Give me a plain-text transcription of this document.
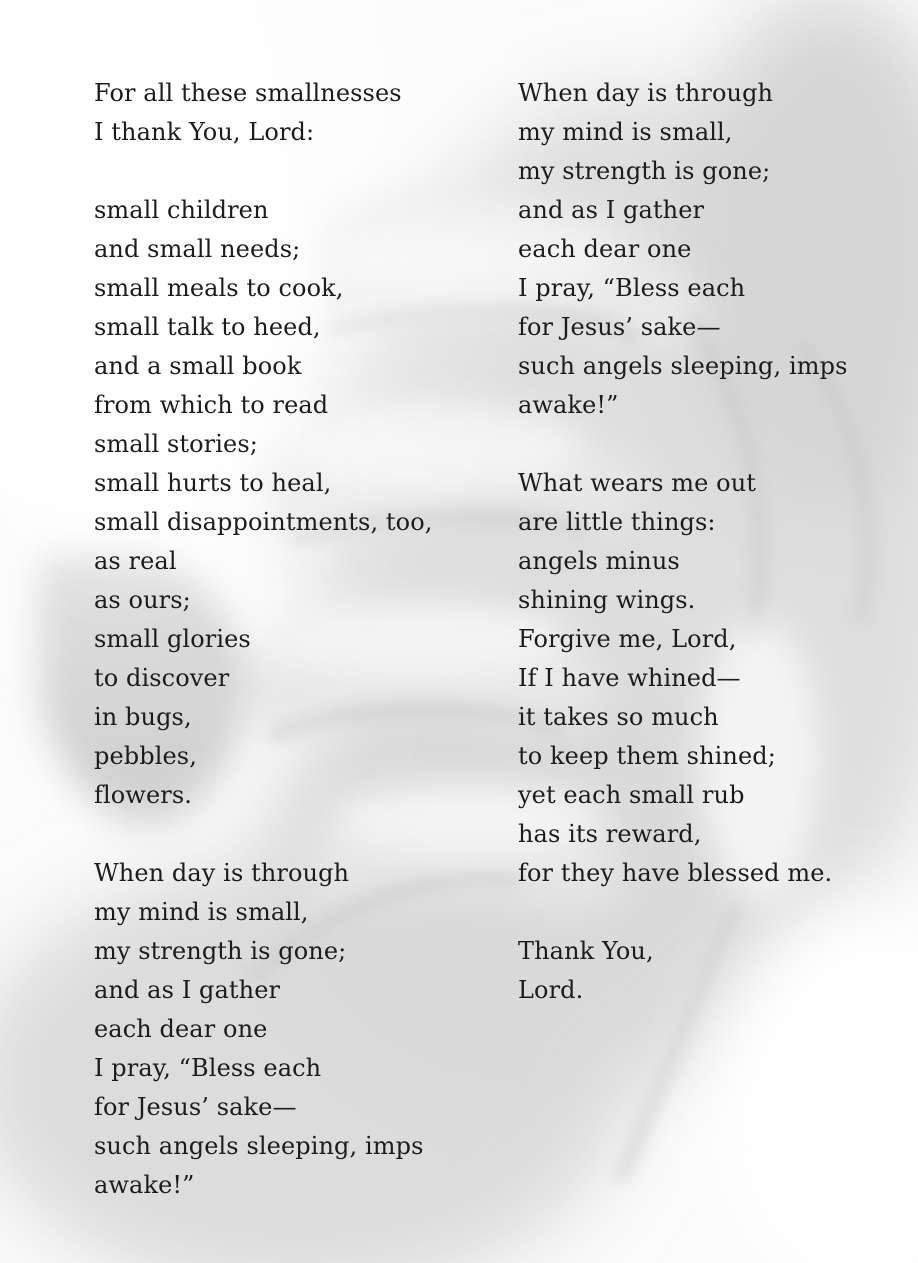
For all these smallnesses
I thank You, Lord:
small children
and small needs;
small meals to cook,
small talk to heed,
and a small book
from which to read
small stories;
small hurts to heal,
small disappointments, too,
as real
as ours;
small glories
to discover
in bugs,
pebbles,
flowers.
When day is through
my mind is small,
my strength is gone;
and as I gather
each dear one
I pray, “Bless each
for Jesus’ sake—
such angels sleeping, imps
awake!”
When day is through
my mind is small,
my strength is gone;
and as I gather
each dear one
I pray, “Bless each
for Jesus’ sake—
such angels sleeping, imps
awake!”
What wears me out
are little things:
angels minus
shining wings.
Forgive me, Lord,
If I have whined—
it takes so much
to keep them shined;
yet each small rub
has its reward,
for they have blessed me.
Thank You,
Lord.
